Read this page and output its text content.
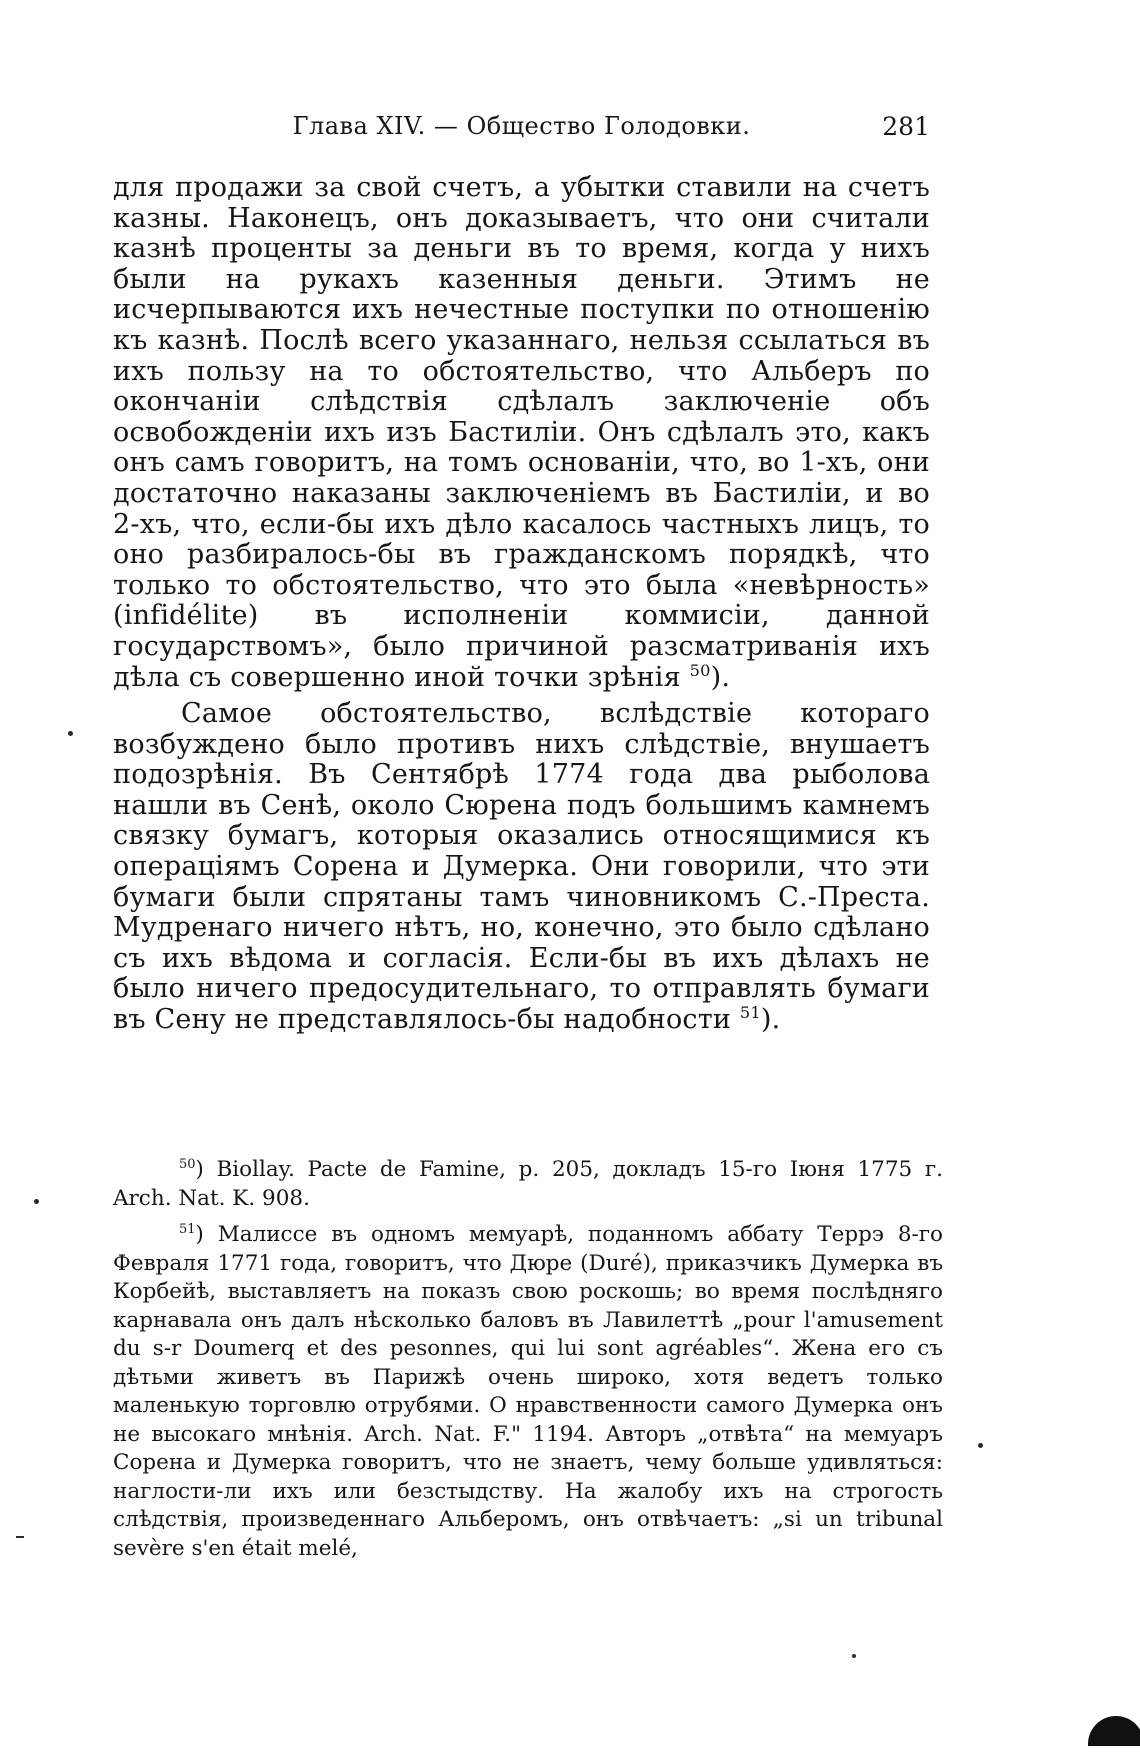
Глава XIV. — Общество Голодовки.	281

для продажи за свой счетъ, а убытки ставили на счетъ казны. Наконецъ, онъ доказываетъ, что они считали казнѣ проценты за деньги въ то время, когда у нихъ были на рукахъ казенныя деньги. Этимъ не исчерпываются ихъ нечестные поступки по отношенію къ казнѣ. Послѣ всего указаннаго, нельзя ссылаться въ ихъ пользу на то обстоятельство, что Альберъ по окончаніи слѣдствія сдѣлалъ заключеніе объ освобожденіи ихъ изъ Бастиліи. Онъ сдѣлалъ это, какъ онъ самъ говоритъ, на томъ основаніи, что, во 1-хъ, они достаточно наказаны заключеніемъ въ Бастиліи, и во 2-хъ, что, если-бы ихъ дѣло касалось частныхъ лицъ, то оно разбиралось-бы въ гражданскомъ порядкѣ, что только то обстоятельство, что это была «невѣрность» (infidélite) въ исполненіи коммисіи, данной государствомъ», было причиной разсматриванія ихъ дѣла съ совершенно иной точки зрѣнія $^{50}$).

Самое обстоятельство, вслѣдствіе котораго возбуждено было противъ нихъ слѣдствіе, внушаетъ подозрѣнія. Въ Сентябрѣ 1774 года два рыболова нашли въ Сенѣ, около Сюрена подъ большимъ камнемъ связку бумагъ, которыя оказались относящимися къ операціямъ Сорена и Думерка. Они говорили, что эти бумаги были спрятаны тамъ чиновникомъ С.-Преста. Мудренаго ничего нѣтъ, но, конечно, это было сдѣлано съ ихъ вѣдома и согласія. Если-бы въ ихъ дѣлахъ не было ничего предосудительнаго, то отправлять бумаги въ Сену не представлялось-бы надобности $^{51}$).

$^{50}$) Biollay. Pacte de Famine, p. 205, докладъ 15-го Іюня 1775 г. Arch. Nat. K. 908.

$^{51}$) Малиссе въ одномъ мемуарѣ, поданномъ аббату Террэ 8-го Февраля 1771 года, говоритъ, что Дюре (Duré), приказчикъ Думерка въ Корбейѣ, выставляетъ на показъ свою роскошь; во время послѣдняго карнавала онъ далъ нѣсколько баловъ въ Лавилеттѣ „pour l'amusement du s-r Doumerq et des pesonnes, qui lui sont agréables“. Жена его съ дѣтьми живетъ въ Парижѣ очень широко, хотя ведетъ только маленькую торговлю отрубями. О нравственности самого Думерка онъ не высокаго мнѣнія. Arch. Nat. F." 1194. Авторъ „отвѣта“ на мемуаръ Сорена и Думерка говоритъ, что не знаетъ, чему больше удивляться: наглости-ли ихъ или безстыдству. На жалобу ихъ на строгость слѣдствія, произведеннаго Альберомъ, онъ отвѣчаетъ: „si un tribunal sevère s'en était melé,
